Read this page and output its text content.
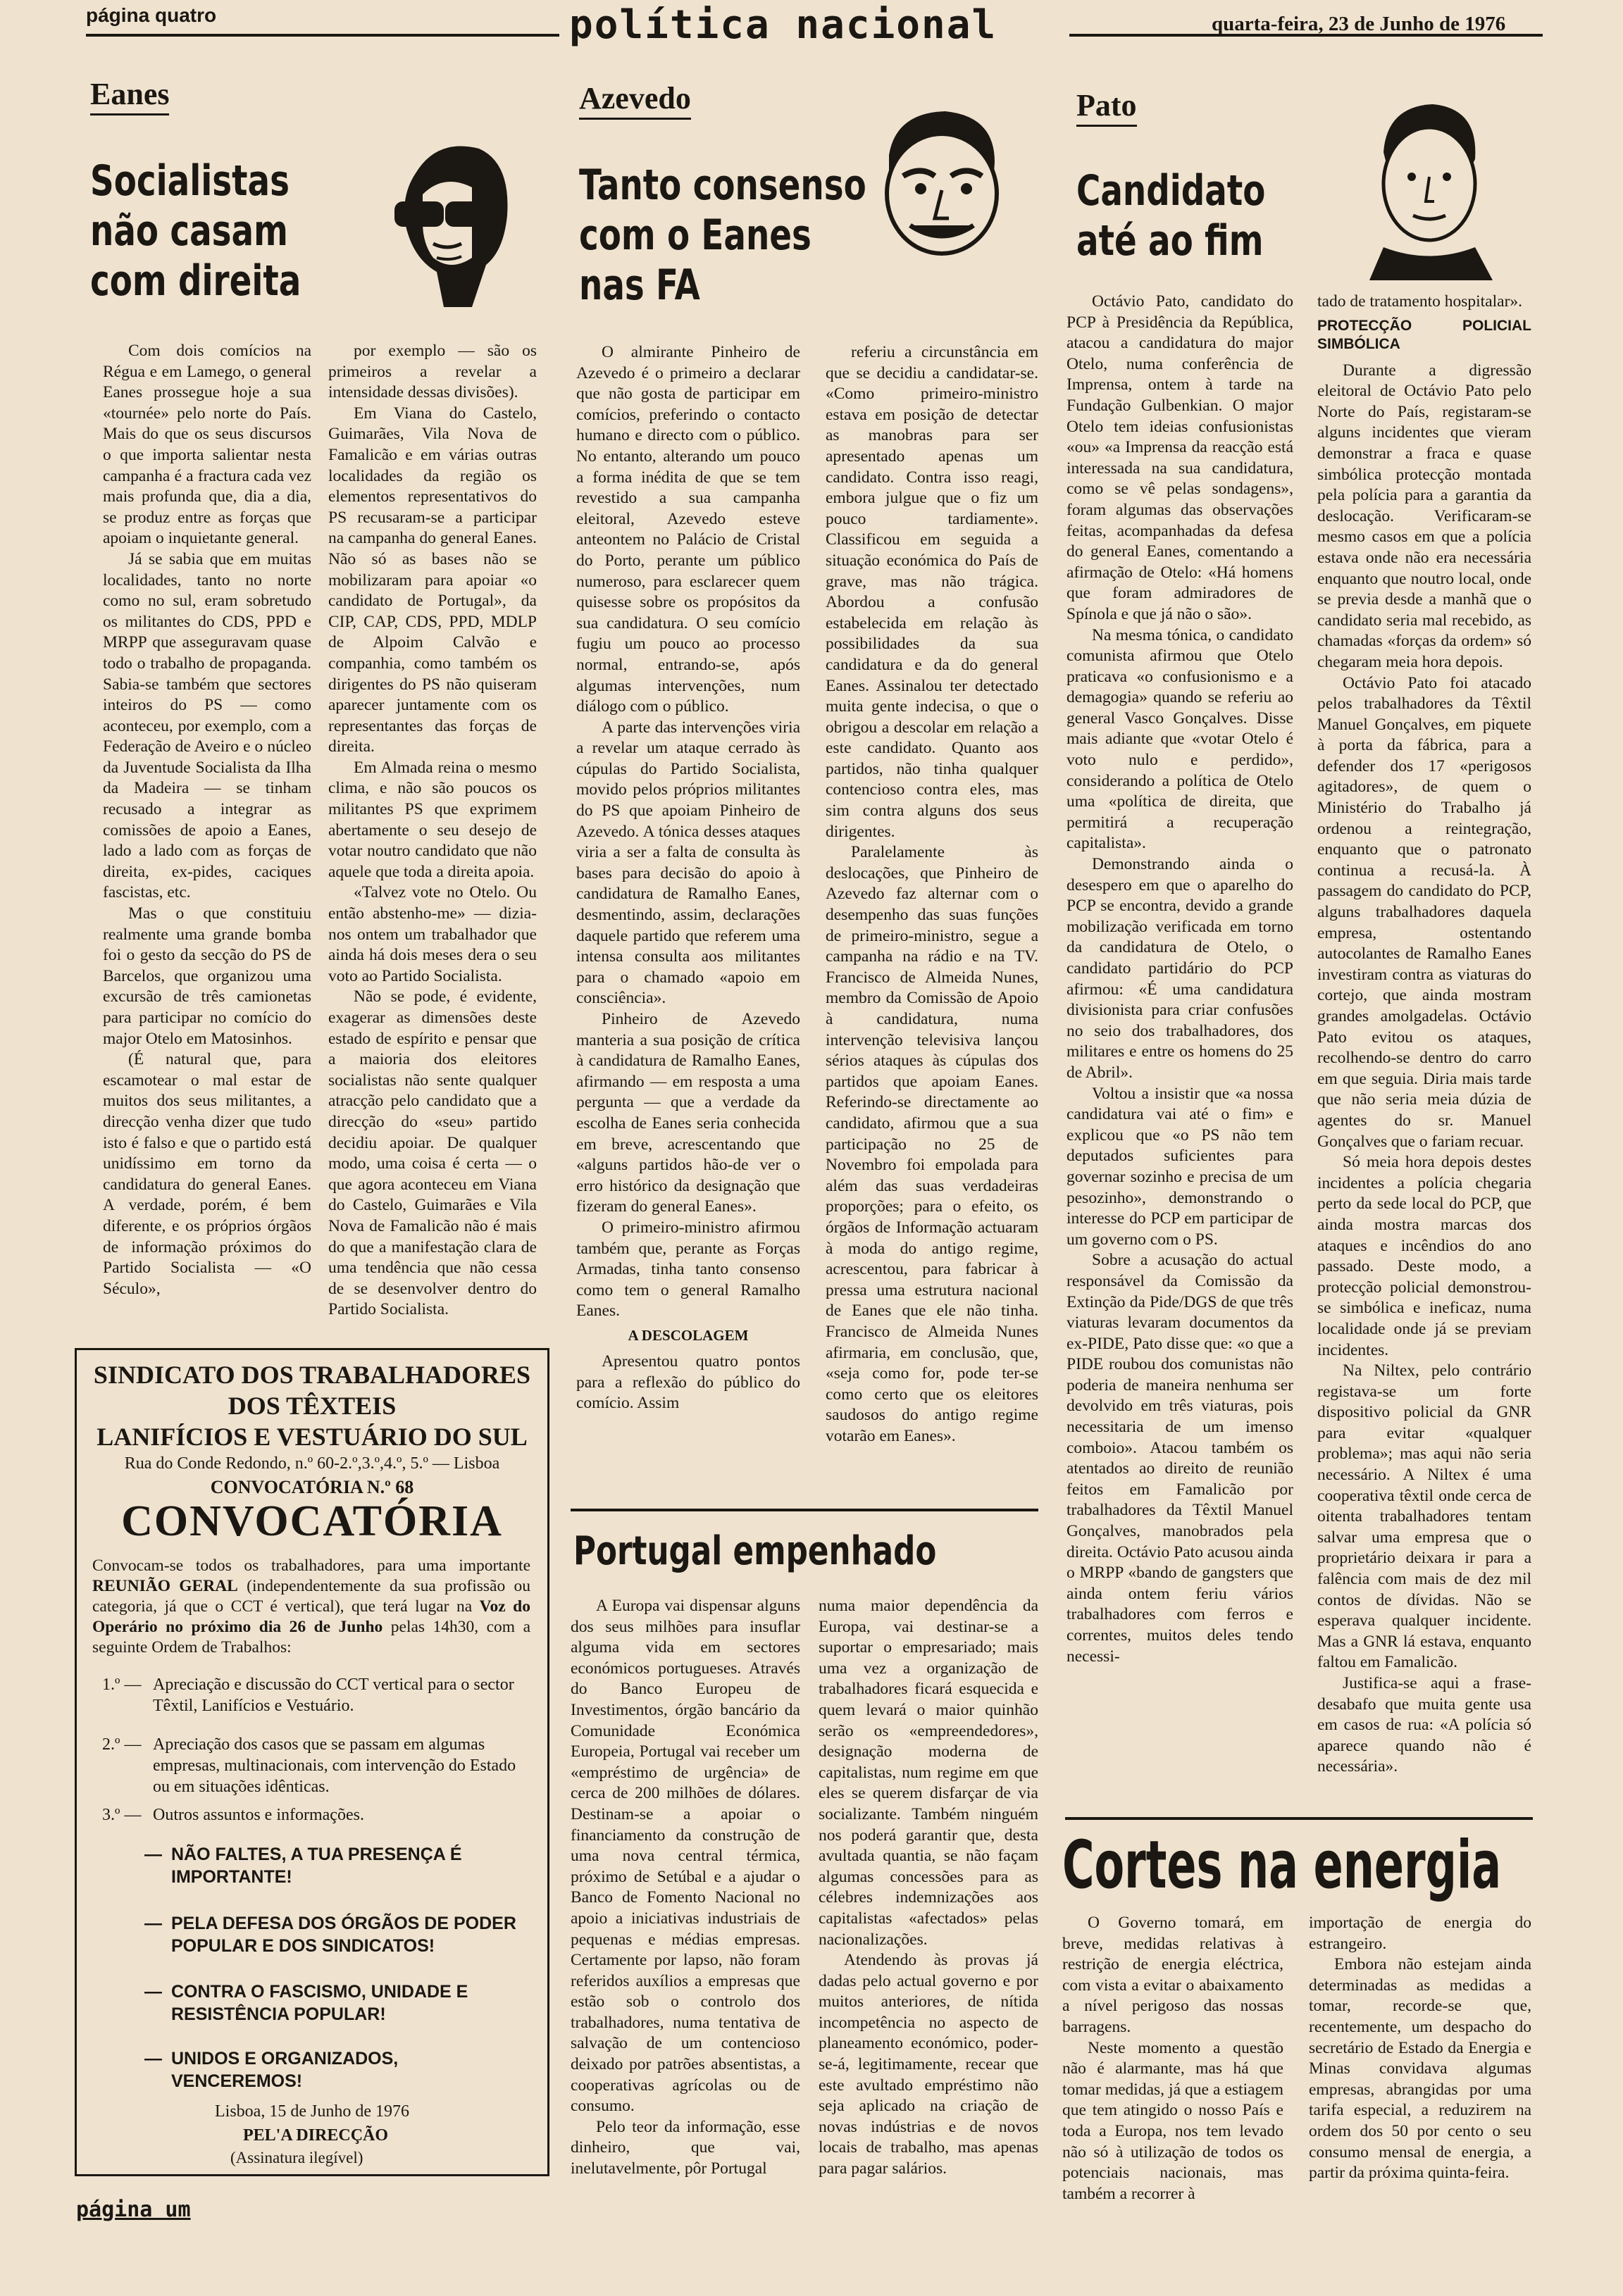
página quatro	política nacional	quarta-feira, 23 de Junho de 1976
Eanes
Socialistas
não casam
com direita

Com dois comícios na Régua e em Lamego, o general Eanes prossegue hoje a sua «tournée» pelo norte do País. Mais do que os seus discursos o que importa salientar nesta campanha é a fractura cada vez mais profunda que, dia a dia, se produz entre as forças que apoiam o inquietante general.

Já se sabia que em muitas localidades, tanto no norte como no sul, eram sobretudo os militantes do CDS, PPD e MRPP que asseguravam quase todo o trabalho de propaganda. Sabia-se também que sectores inteiros do PS — como aconteceu, por exemplo, com a Federação de Aveiro e o núcleo da Juventude Socialista da Ilha da Madeira — se tinham recusado a integrar as comissões de apoio a Eanes, lado a lado com as forças de direita, ex-pides, caciques fascistas, etc.

Mas o que constituiu realmente uma grande bomba foi o gesto da secção do PS de Barcelos, que organizou uma excursão de três camionetas para participar no comício do major Otelo em Matosinhos.

(É natural que, para escamotear o mal estar de muitos dos seus militantes, a direcção venha dizer que tudo isto é falso e que o partido está unidíssimo em torno da candidatura do general Eanes. A verdade, porém, é bem diferente, e os próprios órgãos de informação próximos do Partido Socialista — «O Século»,

por exemplo — são os primeiros a revelar a intensidade dessas divisões).

Em Viana do Castelo, Guimarães, Vila Nova de Famalicão e em várias outras localidades da região os elementos representativos do PS recusaram-se a participar na campanha do general Eanes. Não só as bases não se mobilizaram para apoiar «o candidato de Portugal», da CIP, CAP, CDS, PPD, MDLP de Alpoim Calvão e companhia, como também os dirigentes do PS não quiseram aparecer juntamente com os representantes das forças de direita.

Em Almada reina o mesmo clima, e não são poucos os militantes PS que exprimem abertamente o seu desejo de votar noutro candidato que não aquele que toda a direita apoia.

«Talvez vote no Otelo. Ou então abstenho-me» — dizia-nos ontem um trabalhador que ainda há dois meses dera o seu voto ao Partido Socialista.

Não se pode, é evidente, exagerar as dimensões deste estado de espírito e pensar que a maioria dos eleitores socialistas não sente qualquer atracção pelo candidato que a direcção do «seu» partido decidiu apoiar. De qualquer modo, uma coisa é certa — o que agora aconteceu em Viana do Castelo, Guimarães e Vila Nova de Famalicão não é mais do que a manifestação clara de uma tendência que não cessa de se desenvolver dentro do Partido Socialista.

Azevedo
Tanto consenso
com o Eanes
nas FA

O almirante Pinheiro de Azevedo é o primeiro a declarar que não gosta de participar em comícios, preferindo o contacto humano e directo com o público. No entanto, alterando um pouco a forma inédita de que se tem revestido a sua campanha eleitoral, Azevedo esteve anteontem no Palácio de Cristal do Porto, perante um público numeroso, para esclarecer quem quisesse sobre os propósitos da sua candidatura. O seu comício fugiu um pouco ao processo normal, entrando-se, após algumas intervenções, num diálogo com o público.

A parte das intervenções viria a revelar um ataque cerrado às cúpulas do Partido Socialista, movido pelos próprios militantes do PS que apoiam Pinheiro de Azevedo. A tónica desses ataques viria a ser a falta de consulta às bases para decisão do apoio à candidatura de Ramalho Eanes, desmentindo, assim, declarações daquele partido que referem uma intensa consulta aos militantes para o chamado «apoio em consciência».

Pinheiro de Azevedo manteria a sua posição de crítica à candidatura de Ramalho Eanes, afirmando — em resposta a uma pergunta — que a verdade da escolha de Eanes seria conhecida em breve, acrescentando que «alguns partidos hão-de ver o erro histórico da designação que fizeram do general Eanes».

O primeiro-ministro afirmou também que, perante as Forças Armadas, tinha tanto consenso como tem o general Ramalho Eanes.

A DESCOLAGEM

Apresentou quatro pontos para a reflexão do público do comício. Assim

referiu a circunstância em que se decidiu a candidatar-se. «Como primeiro-ministro estava em posição de detectar as manobras para ser apresentado apenas um candidato. Contra isso reagi, embora julgue que o fiz um pouco tardiamente». Classificou em seguida a situação económica do País de grave, mas não trágica. Abordou a confusão estabelecida em relação às possibilidades da sua candidatura e da do general Eanes. Assinalou ter detectado muita gente indecisa, o que o obrigou a descolar em relação a este candidato. Quanto aos partidos, não tinha qualquer contencioso contra eles, mas sim contra alguns dos seus dirigentes.

Paralelamente às deslocações, que Pinheiro de Azevedo faz alternar com o desempenho das suas funções de primeiro-ministro, segue a campanha na rádio e na TV. Francisco de Almeida Nunes, membro da Comissão de Apoio à candidatura, numa intervenção televisiva lançou sérios ataques às cúpulas dos partidos que apoiam Eanes. Referindo-se directamente ao candidato, afirmou que a sua participação no 25 de Novembro foi empolada para além das suas verdadeiras proporções; para o efeito, os órgãos de Informação actuaram à moda do antigo regime, acrescentou, para fabricar à pressa uma estrutura nacional de Eanes que ele não tinha. Francisco de Almeida Nunes afirmaria, em conclusão, que, «seja como for, pode ter-se como certo que os eleitores saudosos do antigo regime votarão em Eanes».

Pato
Candidato
até ao fim

Octávio Pato, candidato do PCP à Presidência da República, atacou a candidatura do major Otelo, numa conferência de Imprensa, ontem à tarde na Fundação Gulbenkian. O major Otelo tem ideias confusionistas «ou» «a Imprensa da reacção está interessada na sua candidatura, como se vê pelas sondagens», foram algumas das observações feitas, acompanhadas da defesa do general Eanes, comentando a afirmação de Otelo: «Há homens que foram admiradores de Spínola e que já não o são».

Na mesma tónica, o candidato comunista afirmou que Otelo praticava «o confusionismo e a demagogia» quando se referiu ao general Vasco Gonçalves. Disse mais adiante que «votar Otelo é voto nulo e perdido», considerando a política de Otelo uma «política de direita, que permitirá a recuperação capitalista».

Demonstrando ainda o desespero em que o aparelho do PCP se encontra, devido a grande mobilização verificada em torno da candidatura de Otelo, o candidato partidário do PCP afirmou: «É uma candidatura divisionista para criar confusões no seio dos trabalhadores, dos militares e entre os homens do 25 de Abril».

Voltou a insistir que «a nossa candidatura vai até o fim» e explicou que «o PS não tem deputados suficientes para governar sozinho e precisa de um pesozinho», demonstrando o interesse do PCP em participar de um governo com o PS.

Sobre a acusação do actual responsável da Comissão da Extinção da Pide/DGS de que três viaturas levaram documentos da ex-PIDE, Pato disse que: «o que a PIDE roubou dos comunistas não poderia de maneira nenhuma ser devolvido em três viaturas, pois necessitaria de um imenso comboio». Atacou também os atentados ao direito de reunião feitos em Famalicão por trabalhadores da Têxtil Manuel Gonçalves, manobrados pela direita. Octávio Pato acusou ainda o MRPP «bando de gangsters que ainda ontem feriu vários trabalhadores com ferros e correntes, muitos deles tendo necessi-

tado de tratamento hospitalar».

PROTECÇÃO POLICIAL SIMBÓLICA

Durante a digressão eleitoral de Octávio Pato pelo Norte do País, registaram-se alguns incidentes que vieram demonstrar a fraca e quase simbólica protecção montada pela polícia para a garantia da deslocação. Verificaram-se mesmo casos em que a polícia estava onde não era necessária enquanto que noutro local, onde se previa desde a manhã que o candidato seria mal recebido, as chamadas «forças da ordem» só chegaram meia hora depois.

Octávio Pato foi atacado pelos trabalhadores da Têxtil Manuel Gonçalves, em piquete à porta da fábrica, para a defender dos 17 «perigosos agitadores», de quem o Ministério do Trabalho já ordenou a reintegração, enquanto que o patronato continua a recusá-la. À passagem do candidato do PCP, alguns trabalhadores daquela empresa, ostentando autocolantes de Ramalho Eanes investiram contra as viaturas do cortejo, que ainda mostram grandes amolgadelas. Octávio Pato evitou os ataques, recolhendo-se dentro do carro em que seguia. Diria mais tarde que não seria meia dúzia de agentes do sr. Manuel Gonçalves que o fariam recuar.

Só meia hora depois destes incidentes a polícia chegaria perto da sede local do PCP, que ainda mostra marcas dos ataques e incêndios do ano passado. Deste modo, a protecção policial demonstrou-se simbólica e ineficaz, numa localidade onde já se previam incidentes.

Na Niltex, pelo contrário registava-se um forte dispositivo policial da GNR para evitar «qualquer problema»; mas aqui não seria necessário. A Niltex é uma cooperativa têxtil onde cerca de oitenta trabalhadores tentam salvar uma empresa que o proprietário deixara ir para a falência com mais de dez mil contos de dívidas. Não se esperava qualquer incidente. Mas a GNR lá estava, enquanto faltou em Famalicão.

Justifica-se aqui a frase-desabafo que muita gente usa em casos de rua: «A polícia só aparece quando não é necessária».

SINDICATO DOS TRABALHADORES
DOS TÊXTEIS
LANIFÍCIOS E VESTUÁRIO DO SUL
Rua do Conde Redondo, n.º 60-2.º,3.º,4.º, 5.º — Lisboa
CONVOCATÓRIA N.º 68
CONVOCATÓRIA
Convocam-se todos os trabalhadores, para uma importante REUNIÃO GERAL (independentemente da sua profissão ou categoria, já que o CCT é vertical), que terá lugar na Voz do Operário no próximo dia 26 de Junho pelas 14h30, com a seguinte Ordem de Trabalhos:
1.º — Apreciação e discussão do CCT vertical para o sector Têxtil, Lanifícios e Vestuário.
2.º — Apreciação dos casos que se passam em algumas empresas, multinacionais, com intervenção do Estado ou em situações idênticas.
3.º — Outros assuntos e informações.
— NÃO FALTES, A TUA PRESENÇA É IMPORTANTE!
— PELA DEFESA DOS ÓRGÃOS DE PODER POPULAR E DOS SINDICATOS!
— CONTRA O FASCISMO, UNIDADE E RESISTÊNCIA POPULAR!
— UNIDOS E ORGANIZADOS, VENCEREMOS!
Lisboa, 15 de Junho de 1976
PEL'A DIRECÇÃO
(Assinatura ilegível)
página um
Portugal empenhado

A Europa vai dispensar alguns dos seus milhões para insuflar alguma vida em sectores económicos portugueses. Através do Banco Europeu de Investimentos, órgão bancário da Comunidade Económica Europeia, Portugal vai receber um «empréstimo de urgência» de cerca de 200 milhões de dólares. Destinam-se a apoiar o financiamento da construção de uma nova central térmica, próximo de Setúbal e a ajudar o Banco de Fomento Nacional no apoio a iniciativas industriais de pequenas e médias empresas. Certamente por lapso, não foram referidos auxílios a empresas que estão sob o controlo dos trabalhadores, numa tentativa de salvação de um contencioso deixado por patrões absentistas, a cooperativas agrícolas ou de consumo.

Pelo teor da informação, esse dinheiro, que vai, inelutavelmente, pôr Portugal

numa maior dependência da Europa, vai destinar-se a suportar o empresariado; mais uma vez a organização de trabalhadores ficará esquecida e quem levará o maior quinhão serão os «empreendedores», designação moderna de capitalistas, num regime em que eles se querem disfarçar de via socializante. Também ninguém nos poderá garantir que, desta avultada quantia, se não façam algumas concessões para as célebres indemnizações aos capitalistas «afectados» pelas nacionalizações.

Atendendo às provas já dadas pelo actual governo e por muitos anteriores, de nítida incompetência no aspecto de planeamento económico, poder-se-á, legitimamente, recear que este avultado empréstimo não seja aplicado na criação de novas indústrias e de novos locais de trabalho, mas apenas para pagar salários.

Cortes na energia

O Governo tomará, em breve, medidas relativas à restrição de energia eléctrica, com vista a evitar o abaixamento a nível perigoso das nossas barragens.

Neste momento a questão não é alarmante, mas há que tomar medidas, já que a estiagem que tem atingido o nosso País e toda a Europa, nos tem levado não só à utilização de todos os potenciais nacionais, mas também a recorrer à

importação de energia do estrangeiro.

Embora não estejam ainda determinadas as medidas a tomar, recorde-se que, recentemente, um despacho do secretário de Estado da Energia e Minas convidava algumas empresas, abrangidas por uma tarifa especial, a reduzirem na ordem dos 50 por cento o seu consumo mensal de energia, a partir da próxima quinta-feira.
